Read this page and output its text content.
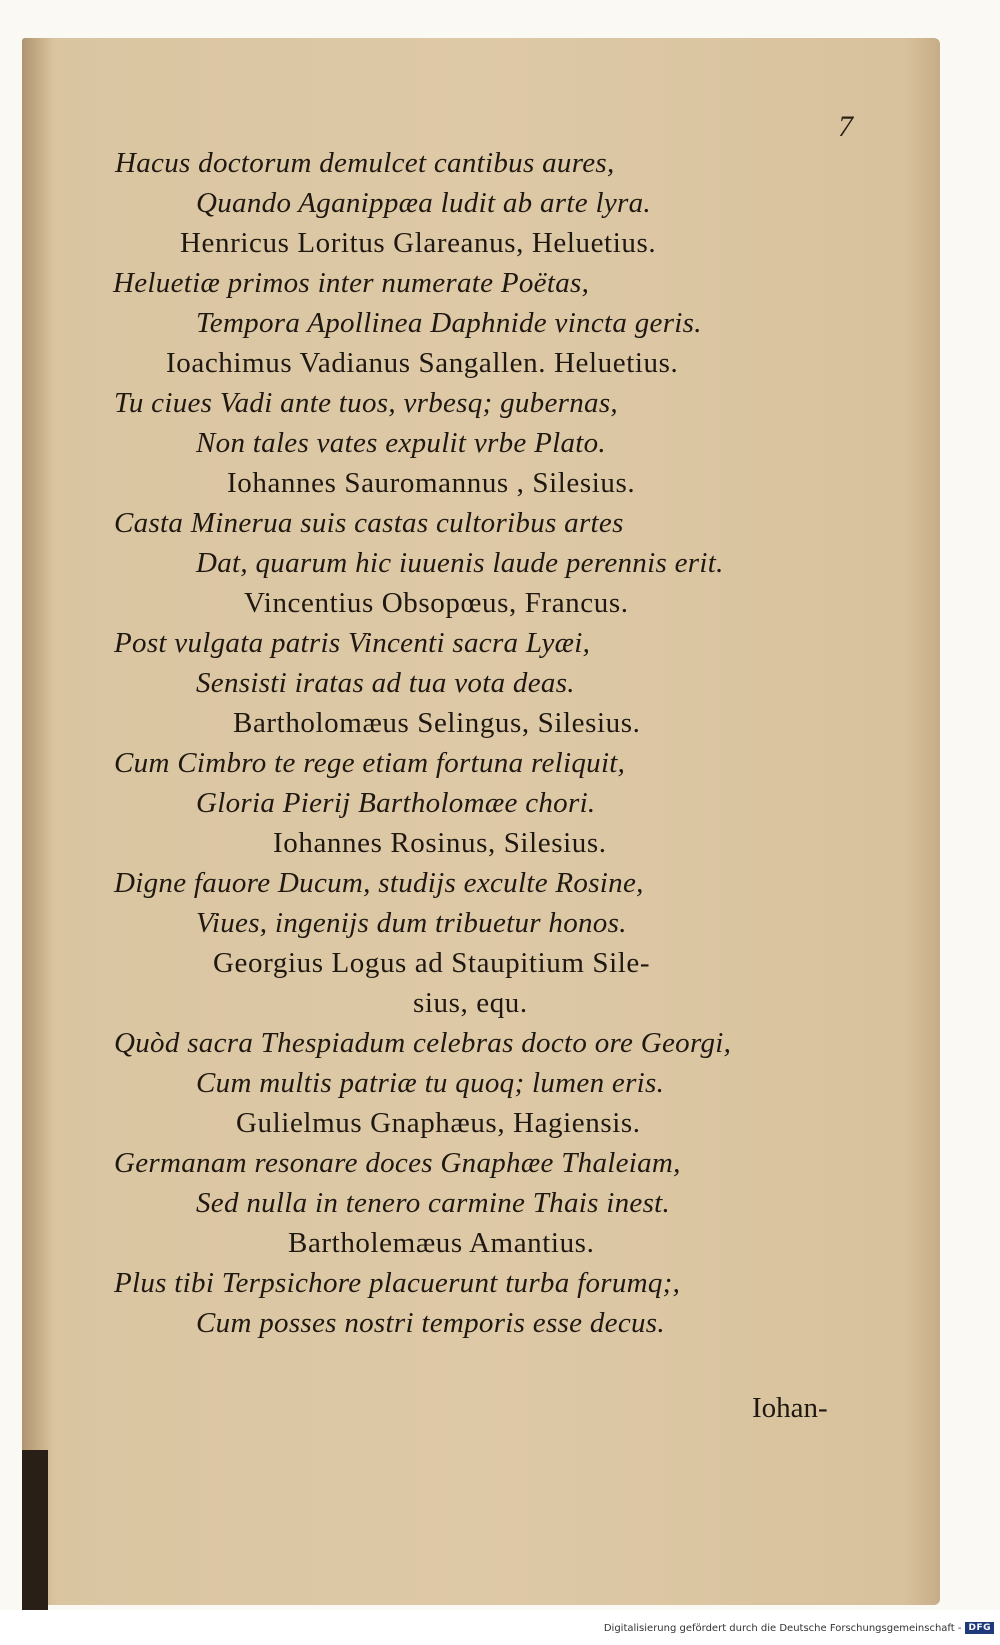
7
Hacus doctorum demulcet cantibus aures,
Quando Aganippæa ludit ab arte lyra.
Henricus Loritus Glareanus, Heluetius.
Heluetiæ primos inter numerate Poëtas,
Tempora Apollinea Daphnide vincta geris.
Ioachimus Vadianus Sangallen. Heluetius.
Tu ciues Vadi ante tuos, vrbesq; gubernas,
Non tales vates expulit vrbe Plato.
Iohannes Sauromannus , Silesius.
Casta Minerua suis castas cultoribus artes
Dat, quarum hic iuuenis laude perennis erit.
Vincentius Obsopœus, Francus.
Post vulgata patris Vincenti sacra Lyæi,
Sensisti iratas ad tua vota deas.
Bartholomæus Selingus, Silesius.
Cum Cimbro te rege etiam fortuna reliquit,
Gloria Pierij Bartholomæe chori.
Iohannes Rosinus, Silesius.
Digne fauore Ducum, studijs exculte Rosine,
Viues, ingenijs dum tribuetur honos.
Georgius Logus ad Staupitium Sile-
sius, equ.
Quòd sacra Thespiadum celebras docto ore Georgi,
Cum multis patriæ tu quoq; lumen eris.
Gulielmus Gnaphæus, Hagiensis.
Germanam resonare doces Gnaphæe Thaleiam,
Sed nulla in tenero carmine Thais inest.
Bartholemæus Amantius.
Plus tibi Terpsichore placuerunt turba forumq;,
Cum posses nostri temporis esse decus.
Iohan-
Digitalisierung gefördert durch die Deutsche Forschungsgemeinschaft - DFG
